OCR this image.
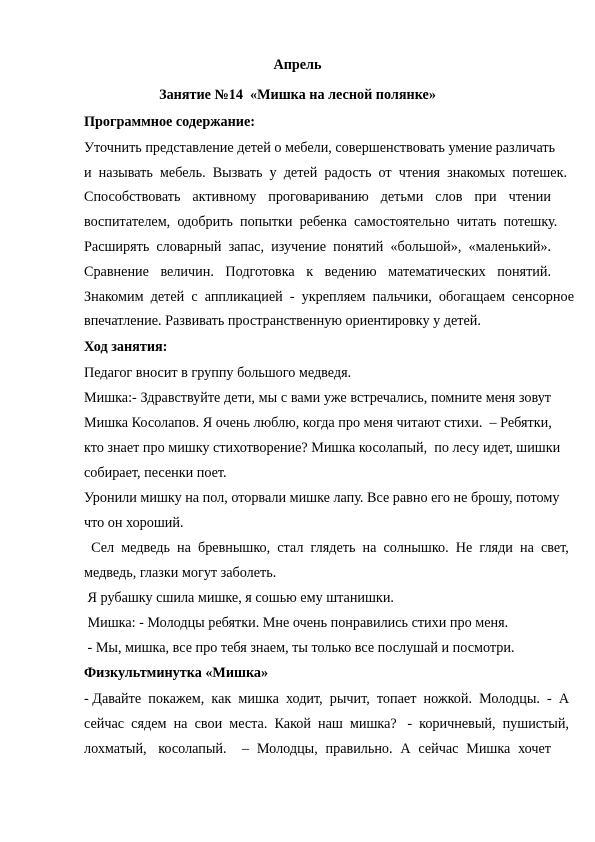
Апрель
Занятие №14  «Мишка на лесной полянке»
Программное содержание:
Уточнить представление детей о мебели, совершенствовать умение различать
и  называть  мебель.  Вызвать  у  детей  радость  от  чтения  знакомых  потешек.
Способствовать   активному   проговариванию   детьми   слов   при   чтении
воспитателем,  одобрить  попытки  ребенка  самостоятельно  читать  потешку.
Расширять  словарный  запас,  изучение  понятий  «большой»,  «маленький».
Сравнение   величин.   Подготовка   к   ведению   математических   понятий.
Знакомим  детей  с  аппликацией  -  укрепляем  пальчики,  обогащаем  сенсорное
впечатление. Развивать пространственную ориентировку у детей.
Ход занятия:
Педагог вносит в группу большого медведя.
Мишка:- Здравствуйте дети, мы с вами уже встречались, помните меня зовут
Мишка Косолапов. Я очень люблю, когда про меня читают стихи.  – Ребятки,
кто знает про мишку стихотворение? Мишка косолапый,  по лесу идет, шишки
собирает, песенки поет.
Уронили мишку на пол, оторвали мишке лапу. Все равно его не брошу, потому
что он хороший.
Сел  медведь  на  бревнышко,  стал  глядеть  на  солнышко.  Не  гляди  на  свет,
медведь, глазки могут заболеть.
Я рубашку сшила мишке, я сошью ему штанишки.
Мишка: - Молодцы ребятки. Мне очень понравились стихи про меня.
- Мы, мишка, все про тебя знаем, ты только все послушай и посмотри.
Физкультминутка «Мишка»
- Давайте  покажем,  как  мишка  ходит,  рычит,  топает  ножкой.  Молодцы.  -  А
сейчас  сядем  на  свои  места.  Какой  наш  мишка?   -  коричневый,  пушистый,
лохматый,   косолапый.    –  Молодцы,  правильно.  А  сейчас  Мишка  хочет
